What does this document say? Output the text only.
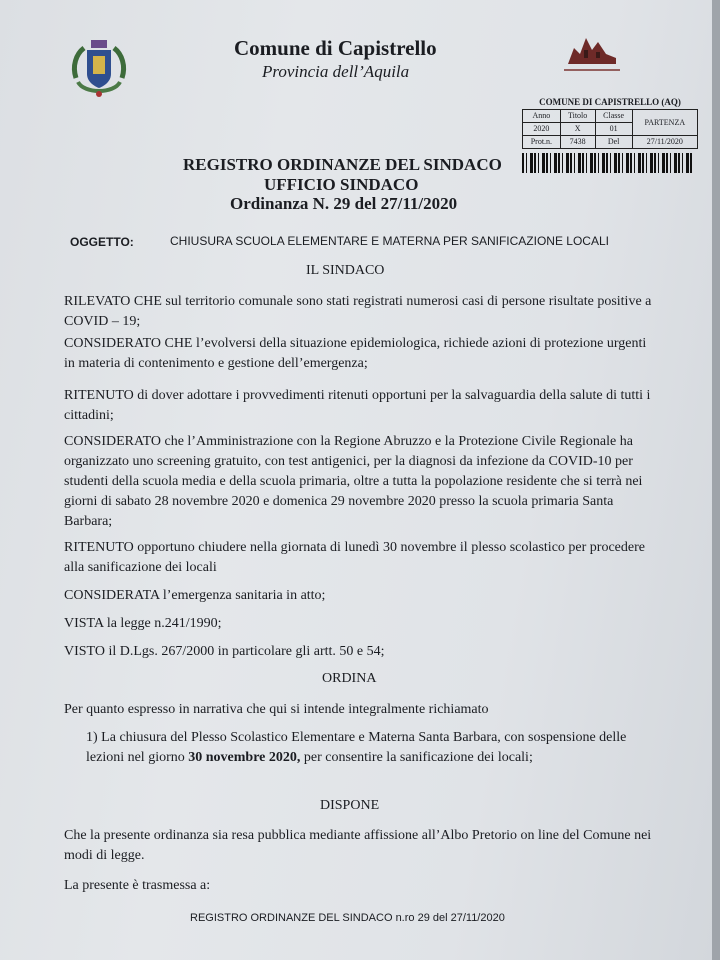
Comune di Capistrello
Provincia dell’Aquila
COMUNE DI CAPISTRELLO (AQ)
Anno	Titolo	Classe	PARTENZA
2020	X	01	
Prot.n.	7438	Del	27/11/2020
REGISTRO ORDINANZE DEL SINDACO
UFFICIO SINDACO
Ordinanza N. 29 del 27/11/2020
OGGETTO:	CHIUSURA SCUOLA ELEMENTARE E MATERNA PER SANIFICAZIONE LOCALI
IL SINDACO
RILEVATO CHE sul territorio comunale sono stati registrati numerosi casi di persone risultate positive a COVID – 19;
CONSIDERATO CHE l’evolversi della situazione epidemiologica, richiede azioni di protezione urgenti in materia di contenimento e gestione dell’emergenza;
RITENUTO di dover adottare i provvedimenti ritenuti opportuni per la salvaguardia della salute di tutti i cittadini;
CONSIDERATO che l’Amministrazione con la Regione Abruzzo e la Protezione Civile Regionale ha organizzato uno screening gratuito, con test antigenici, per la diagnosi da infezione da COVID-10 per studenti della scuola media e della scuola primaria, oltre a tutta la popolazione residente che si terrà nei giorni di sabato 28 novembre 2020 e domenica 29 novembre 2020 presso la scuola primaria Santa Barbara;
RITENUTO opportuno chiudere nella giornata di lunedì 30 novembre il plesso scolastico per procedere alla sanificazione dei locali
CONSIDERATA l’emergenza sanitaria in atto;
VISTA la legge n.241/1990;
VISTO il D.Lgs. 267/2000 in particolare gli artt. 50 e 54;
ORDINA
Per quanto espresso in narrativa che qui si intende integralmente richiamato
1) La chiusura del Plesso Scolastico Elementare e Materna Santa Barbara, con sospensione delle lezioni nel giorno 30 novembre 2020, per consentire la sanificazione dei locali;
DISPONE
Che la presente ordinanza sia resa pubblica mediante affissione all’Albo Pretorio on line del Comune nei modi di legge.
La presente è trasmessa a:
REGISTRO ORDINANZE DEL SINDACO n.ro 29 del 27/11/2020
